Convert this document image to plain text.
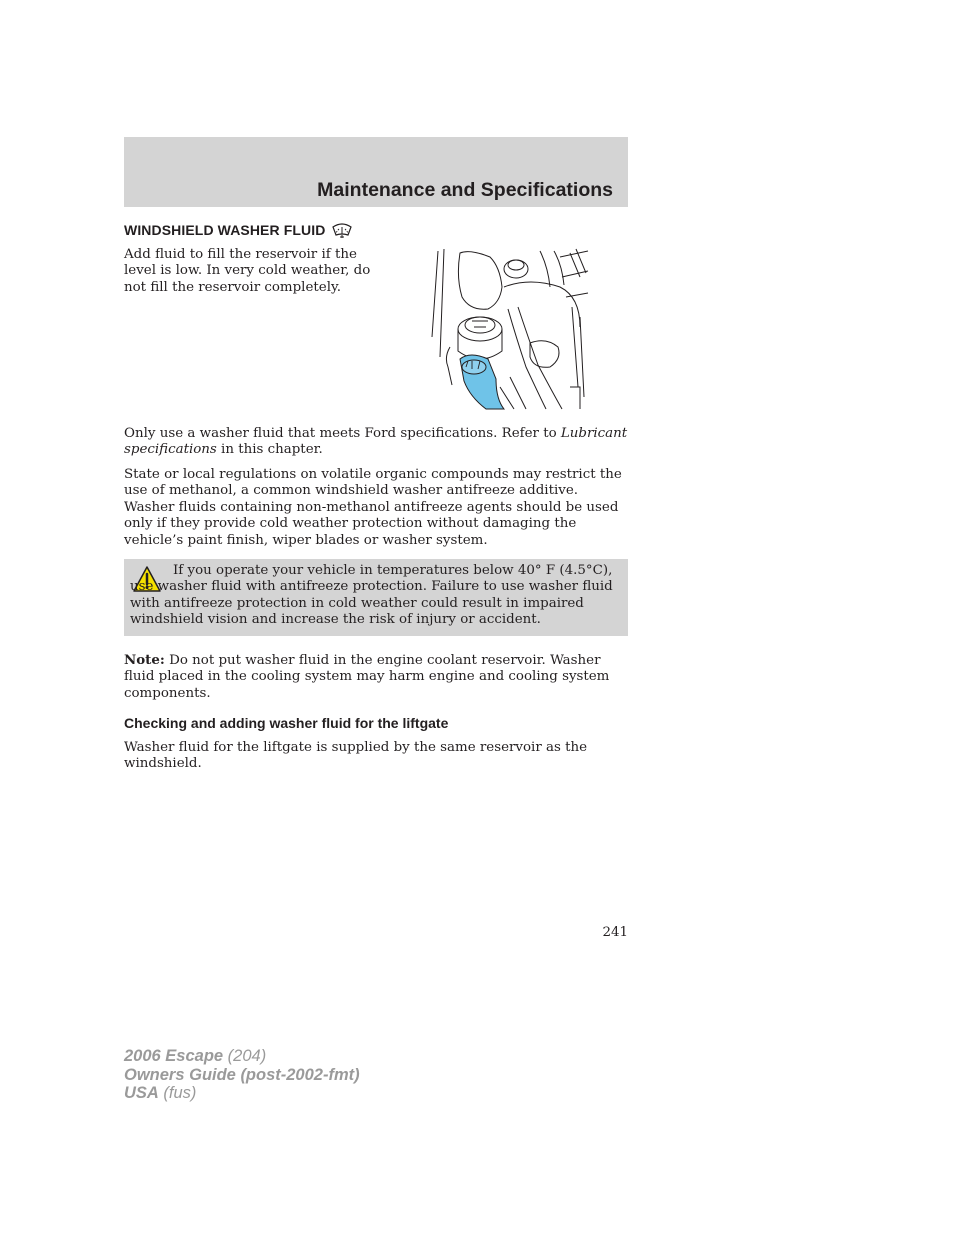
Maintenance and Specifications
WINDSHIELD WASHER FLUID

Add fluid to fill the reservoir if the level is low. In very cold weather, do not fill the reservoir completely.

Only use a washer fluid that meets Ford specifications. Refer to Lubricant specifications in this chapter.

State or local regulations on volatile organic compounds may restrict the use of methanol, a common windshield washer antifreeze additive. Washer fluids containing non-methanol antifreeze agents should be used only if they provide cold weather protection without damaging the vehicle’s paint finish, wiper blades or washer system.

If you operate your vehicle in temperatures below 40° F (4.5°C), use washer fluid with antifreeze protection. Failure to use washer fluid with antifreeze protection in cold weather could result in impaired windshield vision and increase the risk of injury or accident.

Note: Do not put washer fluid in the engine coolant reservoir. Washer fluid placed in the cooling system may harm engine and cooling system components.

Checking and adding washer fluid for the liftgate

Washer fluid for the liftgate is supplied by the same reservoir as the windshield.

241
2006 Escape (204)
Owners Guide (post-2002-fmt)
USA (fus)
